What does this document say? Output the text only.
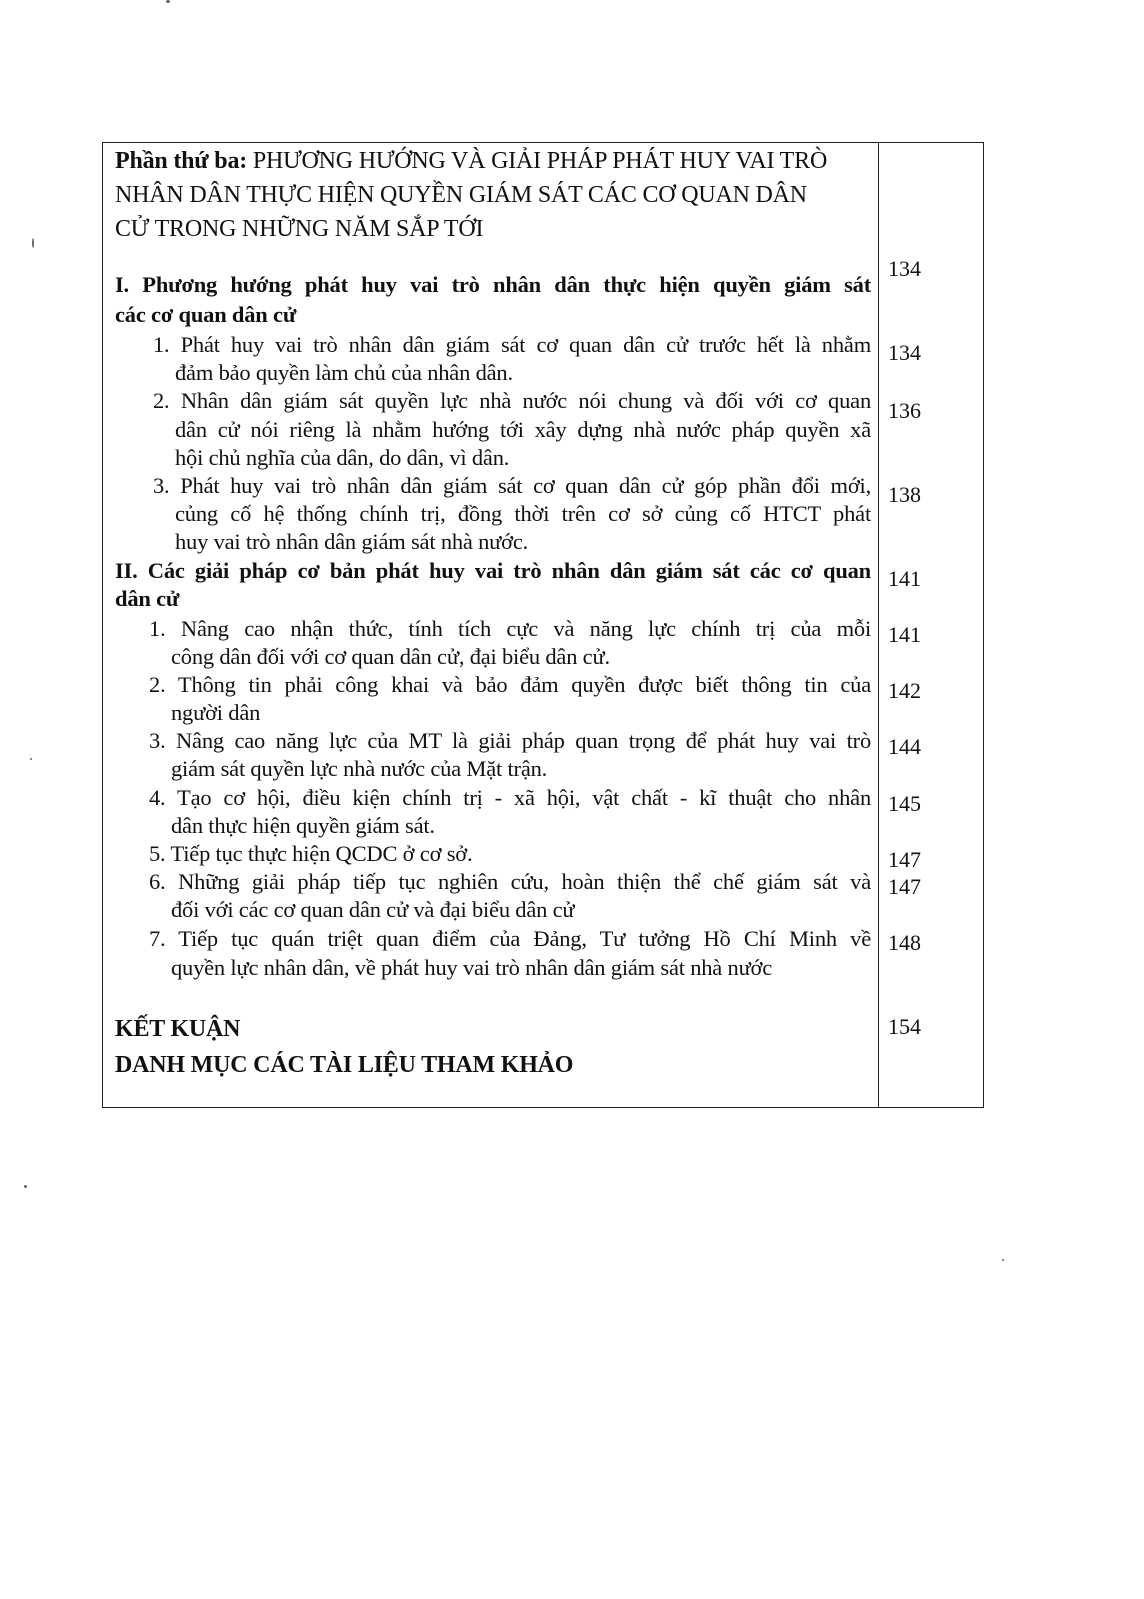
Phần thứ ba: PHƯƠNG HƯỚNG VÀ GIẢI PHÁP PHÁT HUY VAI TRÒ
NHÂN DÂN THỰC HIỆN QUYỀN GIÁM SÁT CÁC CƠ QUAN DÂN
CỬ TRONG NHỮNG NĂM SẮP TỚI
134
I. Phương hướng phát huy vai trò nhân dân thực hiện quyền giám sát
các cơ quan dân cử
1. Phát huy vai trò nhân dân giám sát cơ quan dân cử trước hết là nhằm 134
đảm bảo quyền làm chủ của nhân dân.
2. Nhân dân giám sát quyền lực nhà nước nói chung và đối với cơ quan 136
dân cử nói riêng là nhằm hướng tới xây dựng nhà nước pháp quyền xã
hội chủ nghĩa của dân, do dân, vì dân.
3. Phát huy vai trò nhân dân giám sát cơ quan dân cử góp phần đổi mới, 138
củng cố hệ thống chính trị, đồng thời trên cơ sở củng cố HTCT phát
huy vai trò nhân dân giám sát nhà nước.
II. Các giải pháp cơ bản phát huy vai trò nhân dân giám sát các cơ quan 141
dân cử
1. Nâng cao nhận thức, tính tích cực và năng lực chính trị của mỗi 141
công dân đối với cơ quan dân cử, đại biểu dân cử.
2. Thông tin phải công khai và bảo đảm quyền được biết thông tin của 142
người dân
3. Nâng cao năng lực của MT là giải pháp quan trọng để phát huy vai trò 144
giám sát quyền lực nhà nước của Mặt trận.
4. Tạo cơ hội, điều kiện chính trị - xã hội, vật chất - kĩ thuật cho nhân 145
dân thực hiện quyền giám sát.
5. Tiếp tục thực hiện QCDC ở cơ sở.	147
6. Những giải pháp tiếp tục nghiên cứu, hoàn thiện thể chế giám sát và 147
đối với các cơ quan dân cử và đại biểu dân cử
7. Tiếp tục quán triệt quan điểm của Đảng, Tư tưởng Hồ Chí Minh về 148
quyền lực nhân dân, về phát huy vai trò nhân dân giám sát nhà nước
KẾT KUẬN	154
DANH MỤC CÁC TÀI LIỆU THAM KHẢO
